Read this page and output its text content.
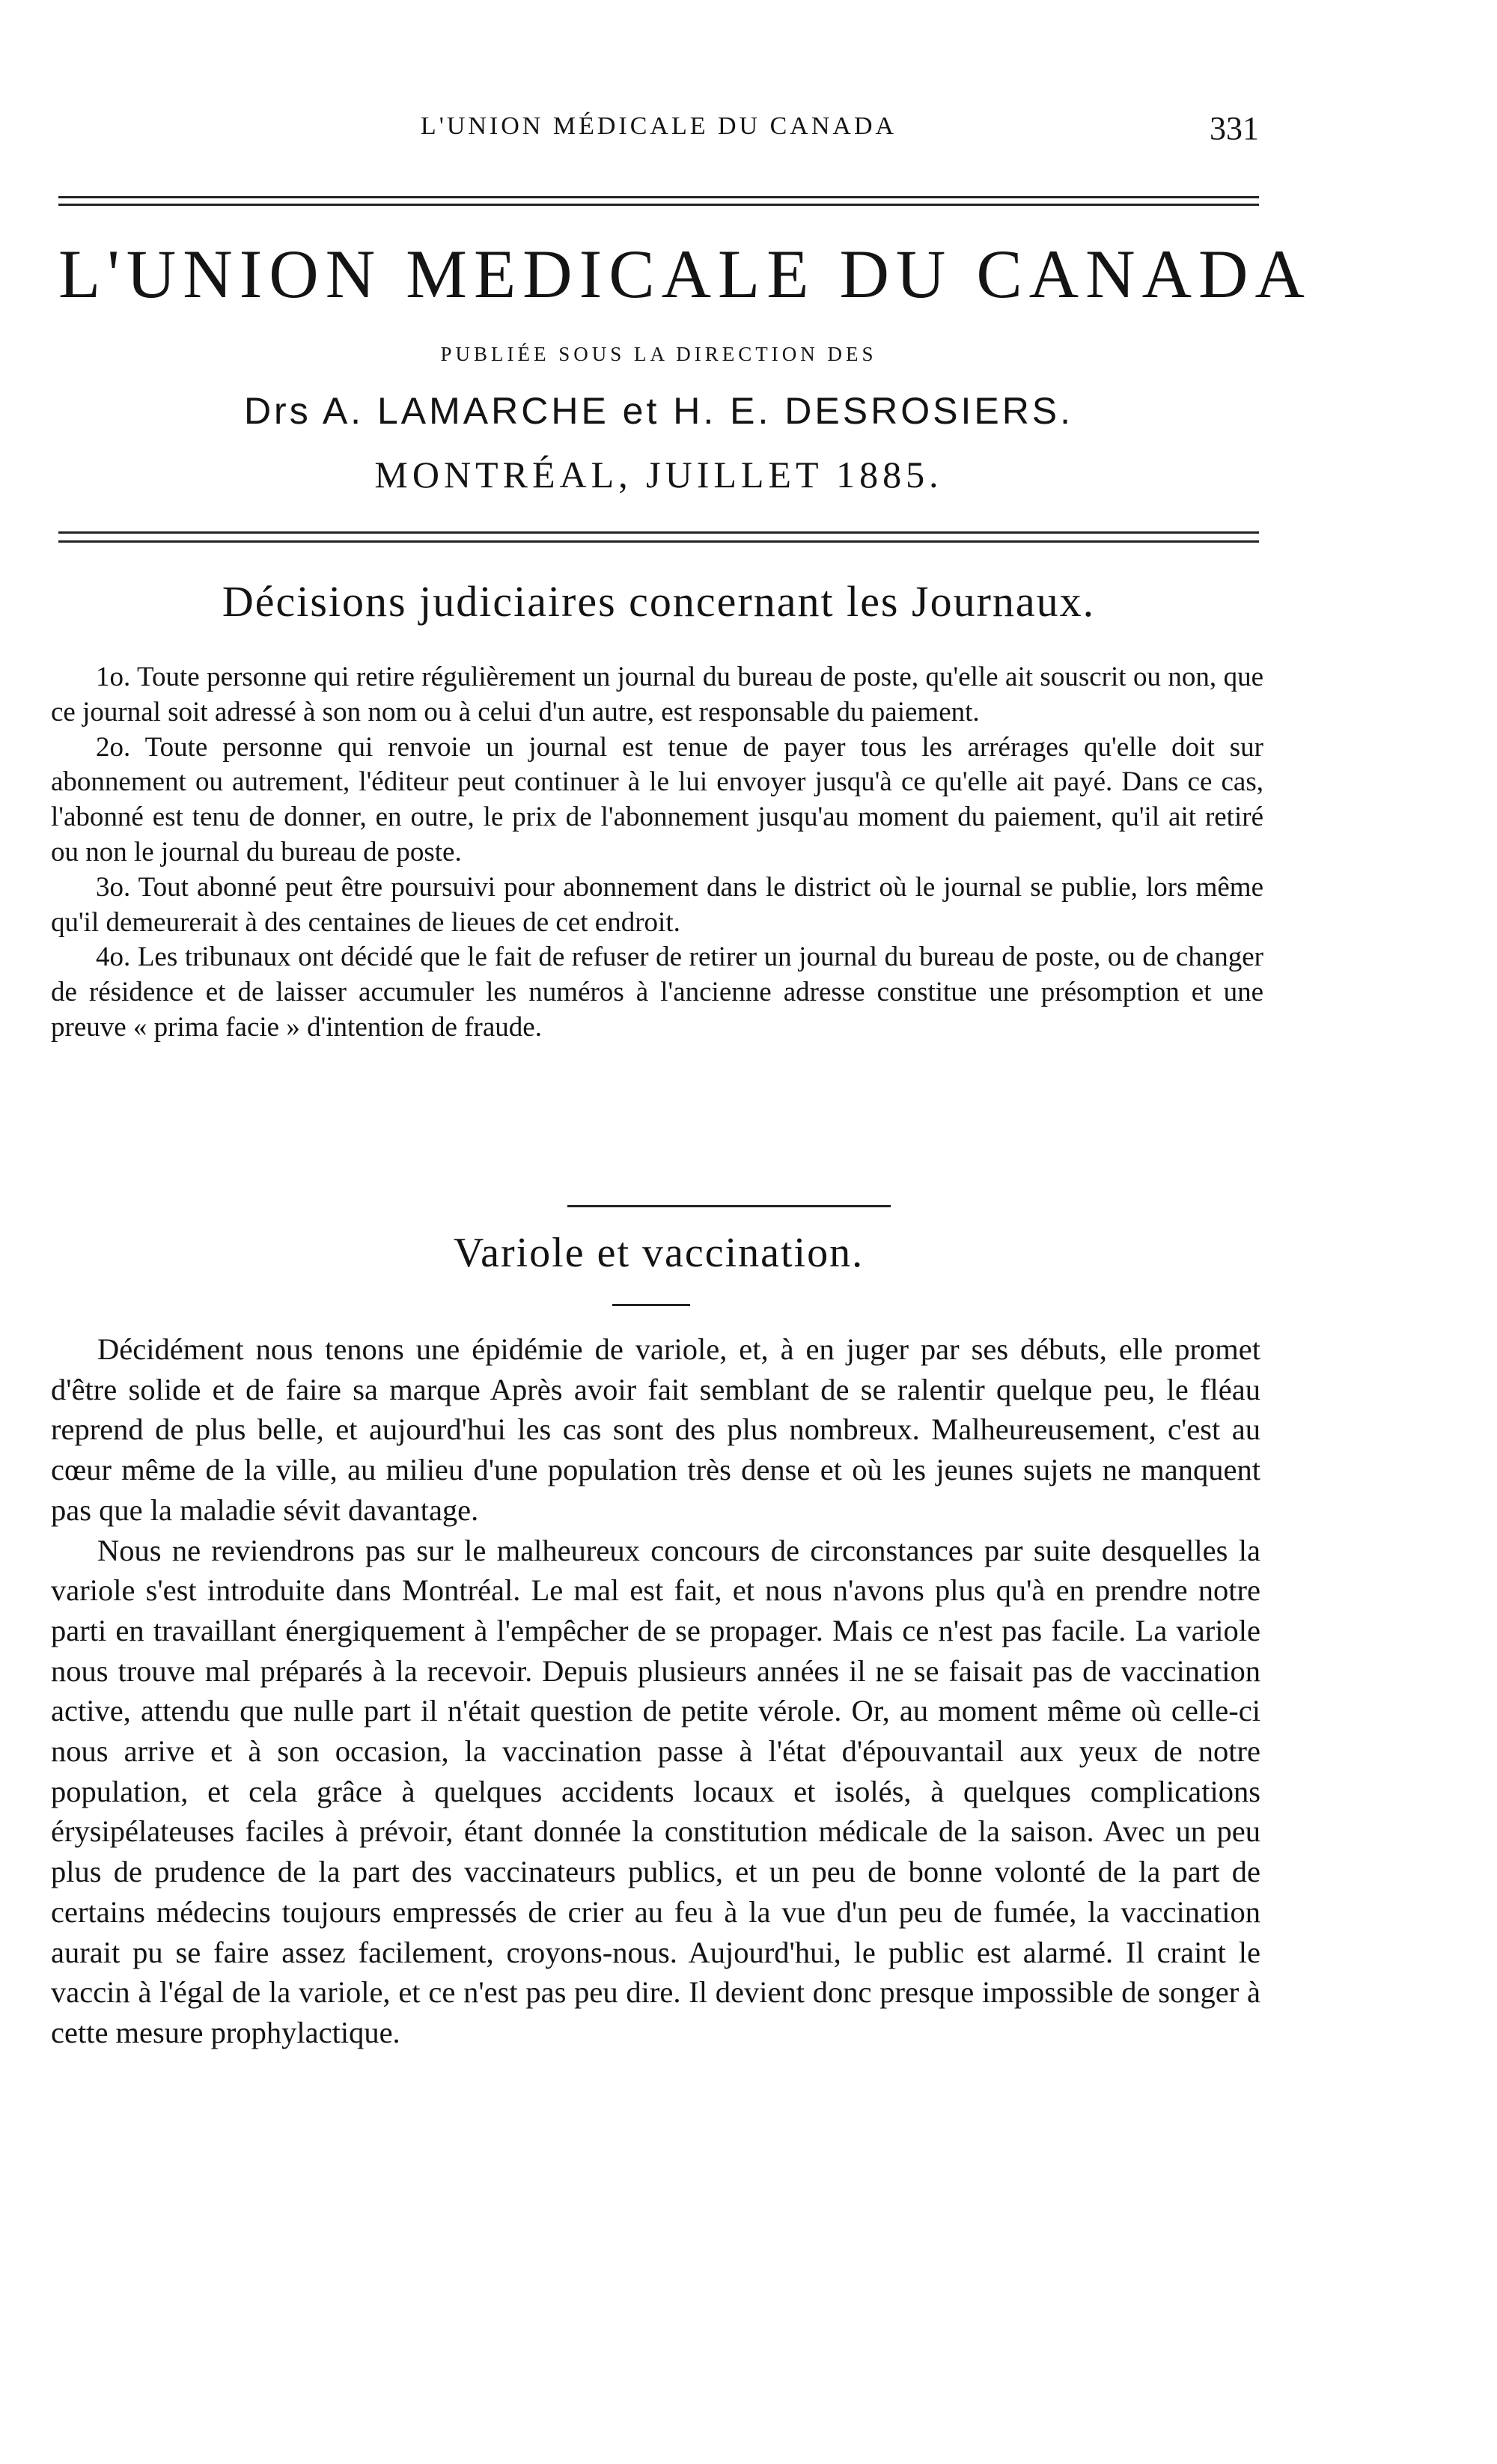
L'UNION MÉDICALE DU CANADA	331
L'UNION MEDICALE DU CANADA
PUBLIÉE SOUS LA DIRECTION DES
Drs A. LAMARCHE et H. E. DESROSIERS.
MONTRÉAL, JUILLET 1885.
Décisions judiciaires concernant les Journaux.

1o. Toute personne qui retire régulièrement un journal du bureau de poste, qu'elle ait souscrit ou non, que ce journal soit adressé à son nom ou à celui d'un autre, est responsable du paiement.

2o. Toute personne qui renvoie un journal est tenue de payer tous les arrérages qu'elle doit sur abonnement ou autrement, l'éditeur peut continuer à le lui envoyer jusqu'à ce qu'elle ait payé. Dans ce cas, l'abonné est tenu de donner, en outre, le prix de l'abonnement jusqu'au moment du paiement, qu'il ait retiré ou non le journal du bureau de poste.

3o. Tout abonné peut être poursuivi pour abonnement dans le district où le journal se publie, lors même qu'il demeurerait à des centaines de lieues de cet endroit.

4o. Les tribunaux ont décidé que le fait de refuser de retirer un journal du bureau de poste, ou de changer de résidence et de laisser accumuler les numéros à l'ancienne adresse constitue une présomption et une preuve « prima facie » d'intention de fraude.

Variole et vaccination.

Décidément nous tenons une épidémie de variole, et, à en juger par ses débuts, elle promet d'être solide et de faire sa marque Après avoir fait semblant de se ralentir quelque peu, le fléau reprend de plus belle, et aujourd'hui les cas sont des plus nombreux. Malheureusement, c'est au cœur même de la ville, au milieu d'une population très dense et où les jeunes sujets ne manquent pas que la maladie sévit davantage.

Nous ne reviendrons pas sur le malheureux concours de circonstances par suite desquelles la variole s'est introduite dans Montréal. Le mal est fait, et nous n'avons plus qu'à en prendre notre parti en travaillant énergiquement à l'empêcher de se propager. Mais ce n'est pas facile. La variole nous trouve mal préparés à la recevoir. Depuis plusieurs années il ne se faisait pas de vaccination active, attendu que nulle part il n'était question de petite vérole. Or, au moment même où celle-ci nous arrive et à son occasion, la vaccination passe à l'état d'épouvantail aux yeux de notre population, et cela grâce à quelques accidents locaux et isolés, à quelques complications érysipélateuses faciles à prévoir, étant donnée la constitution médicale de la saison. Avec un peu plus de prudence de la part des vaccinateurs publics, et un peu de bonne volonté de la part de certains médecins toujours empressés de crier au feu à la vue d'un peu de fumée, la vaccination aurait pu se faire assez facilement, croyons-nous. Aujourd'hui, le public est alarmé. Il craint le vaccin à l'égal de la variole, et ce n'est pas peu dire. Il devient donc presque impossible de songer à cette mesure prophylactique.
